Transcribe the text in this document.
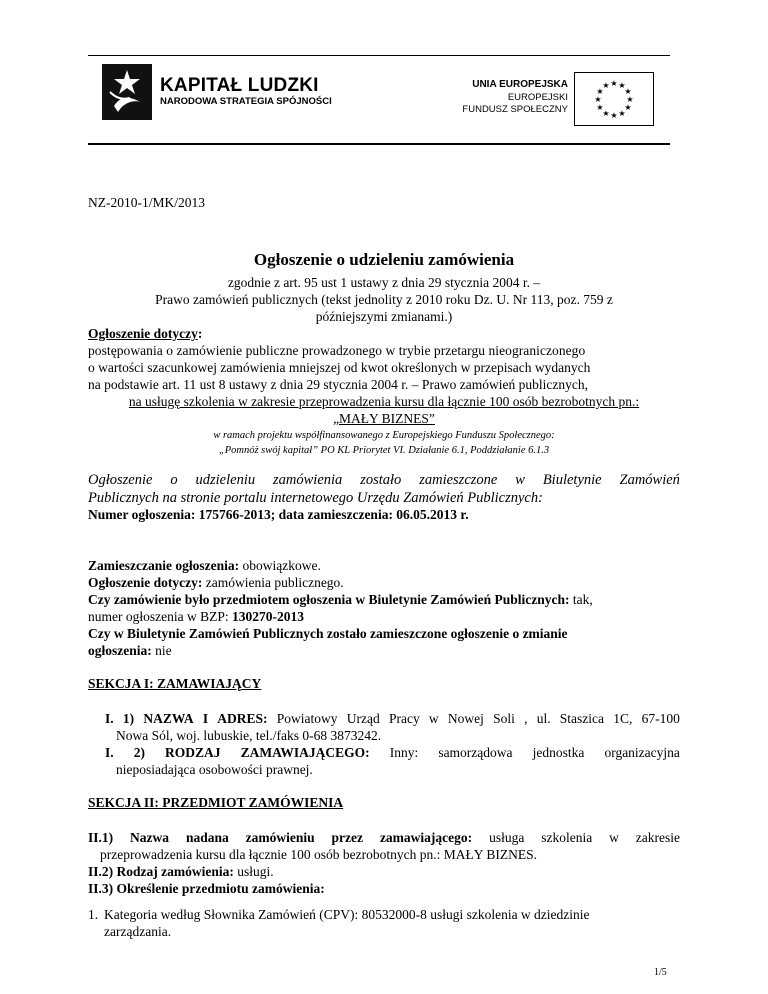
KAPITAŁ LUDZKI
NARODOWA STRATEGIA SPÓJNOŚCI
UNIA EUROPEJSKA
EUROPEJSKI
FUNDUSZ SPOŁECZNY
★ ★
★
★
★
★
★
★
★
★
★
★
NZ-2010-1/MK/2013
Ogłoszenie o udzieleniu zamówienia
zgodnie z art. 95 ust 1 ustawy z dnia 29 stycznia 2004 r. –
Prawo zamówień publicznych (tekst jednolity z 2010 roku Dz. U. Nr 113, poz. 759 z
późniejszymi zmianami.)
Ogłoszenie dotyczy:
postępowania o zamówienie publiczne prowadzonego w trybie przetargu nieograniczonego
o wartości szacunkowej zamówienia mniejszej od kwot określonych w przepisach wydanych
na podstawie art. 11 ust 8 ustawy z dnia 29 stycznia 2004 r. – Prawo zamówień publicznych,
na usługę szkolenia w zakresie przeprowadzenia kursu dla łącznie 100 osób bezrobotnych pn.:
„MAŁY BIZNES”
w ramach projektu współfinansowanego z Europejskiego Funduszu Społecznego:
„Pomnóż swój kapitał” PO KL Priorytet VI. Działanie 6.1, Poddziałanie 6.1.3
Ogłoszenie o udzieleniu zamówienia zostało zamieszczone w Biuletynie Zamówień
Publicznych na stronie portalu internetowego Urzędu Zamówień Publicznych:
Numer ogłoszenia: 175766-2013; data zamieszczenia: 06.05.2013 r.
Zamieszczanie ogłoszenia: obowiązkowe.
Ogłoszenie dotyczy: zamówienia publicznego.
Czy zamówienie było przedmiotem ogłoszenia w Biuletynie Zamówień Publicznych: tak,
numer ogłoszenia w BZP: 130270-2013
Czy w Biuletynie Zamówień Publicznych zostało zamieszczone ogłoszenie o zmianie
ogłoszenia: nie
SEKCJA I: ZAMAWIAJĄCY
I. 1) NAZWA I ADRES: Powiatowy Urząd Pracy w Nowej Soli , ul. Staszica 1C, 67-100
Nowa Sól, woj. lubuskie, tel./faks 0-68 3873242.
I. 2) RODZAJ ZAMAWIAJĄCEGO: Inny: samorządowa jednostka organizacyjna
nieposiadająca osobowości prawnej.
SEKCJA II: PRZEDMIOT ZAMÓWIENIA
II.1) Nazwa nadana zamówieniu przez zamawiającego: usługa szkolenia w zakresie
przeprowadzenia kursu dla łącznie 100 osób bezrobotnych pn.: MAŁY BIZNES.
II.2) Rodzaj zamówienia: usługi.
II.3) Określenie przedmiotu zamówienia:
1. Kategoria według Słownika Zamówień (CPV): 80532000-8 usługi szkolenia w dziedzinie
zarządzania.
1/5
